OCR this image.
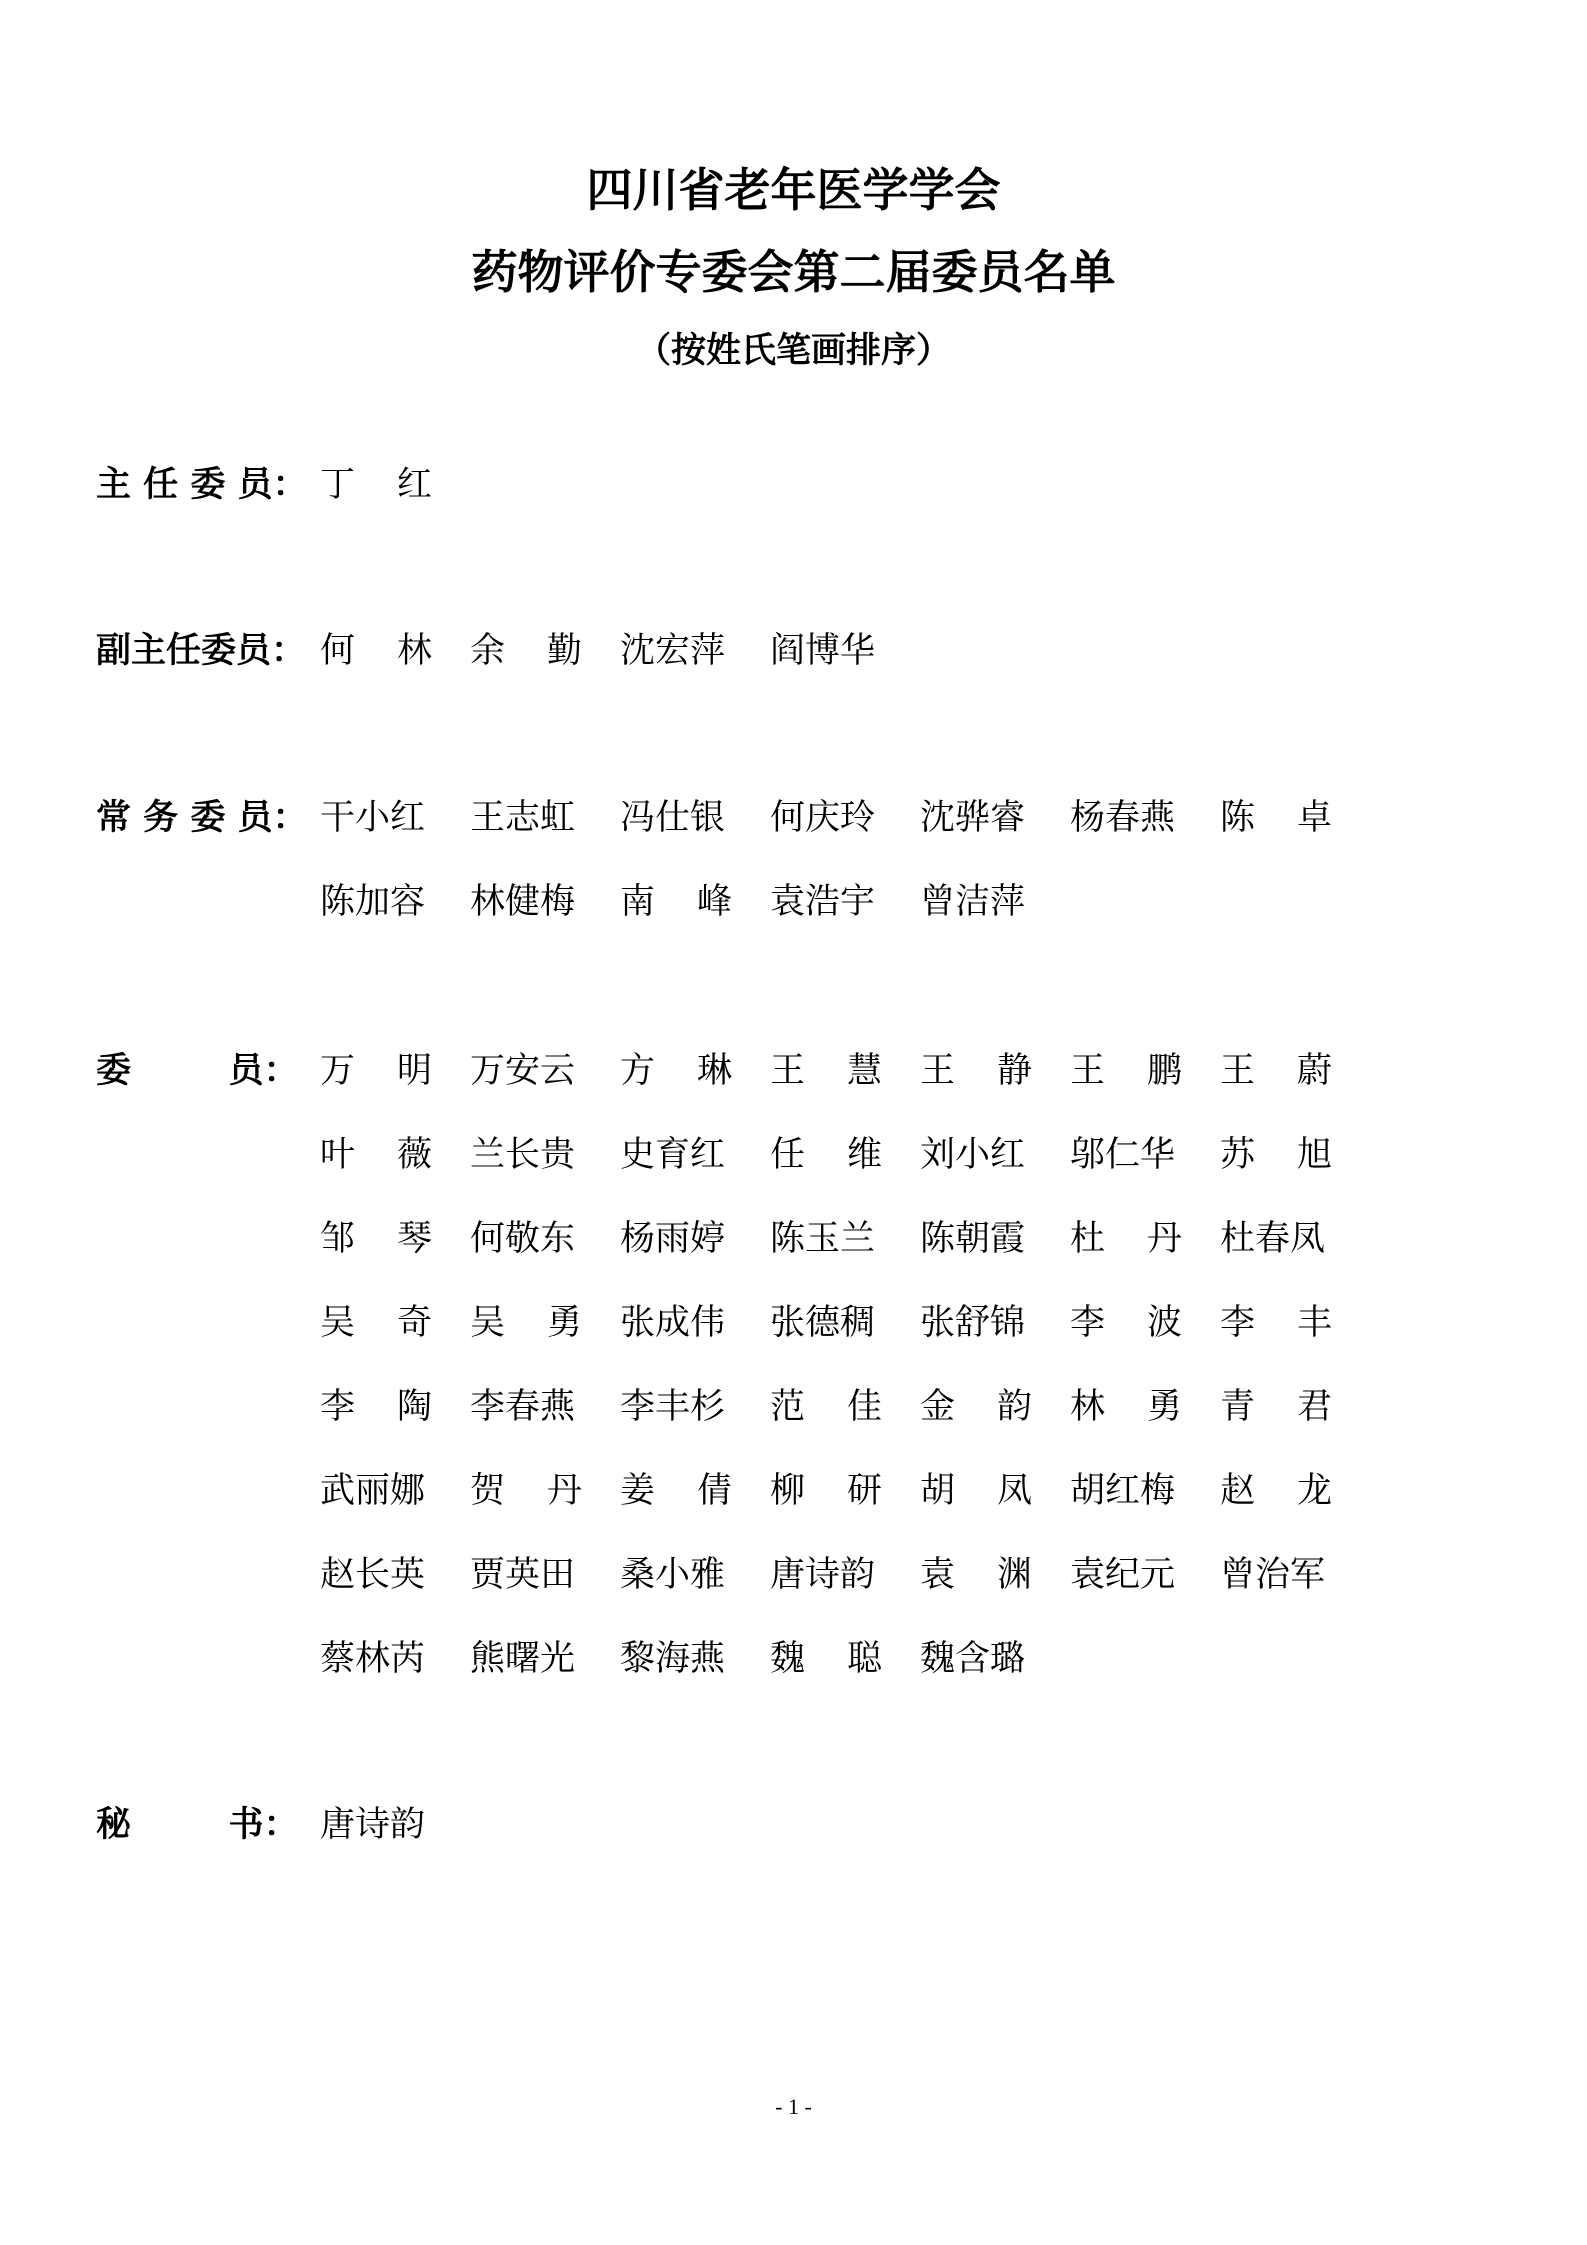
四川省老年医学学会
药物评价专委会第二届委员名单
（按姓氏笔画排序）
主 任 委 员： 丁 红
副主任委员： 何 林 余 勤 沈宏萍 阎博华
常 务 委 员： 干小红 王志虹 冯仕银 何庆玲 沈骅睿 杨春燕 陈 卓
陈加容 林健梅 南 峰 袁浩宇 曾洁萍
委        员： 万 明 万安云 方 琳 王 慧 王 静 王 鹏 王 蔚
叶 薇 兰长贵 史育红 任 维 刘小红 邬仁华 苏 旭
邹 琴 何敬东 杨雨婷 陈玉兰 陈朝霞 杜 丹 杜春凤
吴 奇 吴 勇 张成伟 张德稠 张舒锦 李 波 李 丰
李 陶 李春燕 李丰杉 范 佳 金 韵 林 勇 青 君
武丽娜 贺 丹 姜 倩 柳 研 胡 凤 胡红梅 赵 龙
赵长英 贾英田 桑小雅 唐诗韵 袁 渊 袁纪元 曾治军
蔡林芮 熊曙光 黎海燕 魏 聪 魏含璐
秘        书： 唐诗韵
- 1 -
